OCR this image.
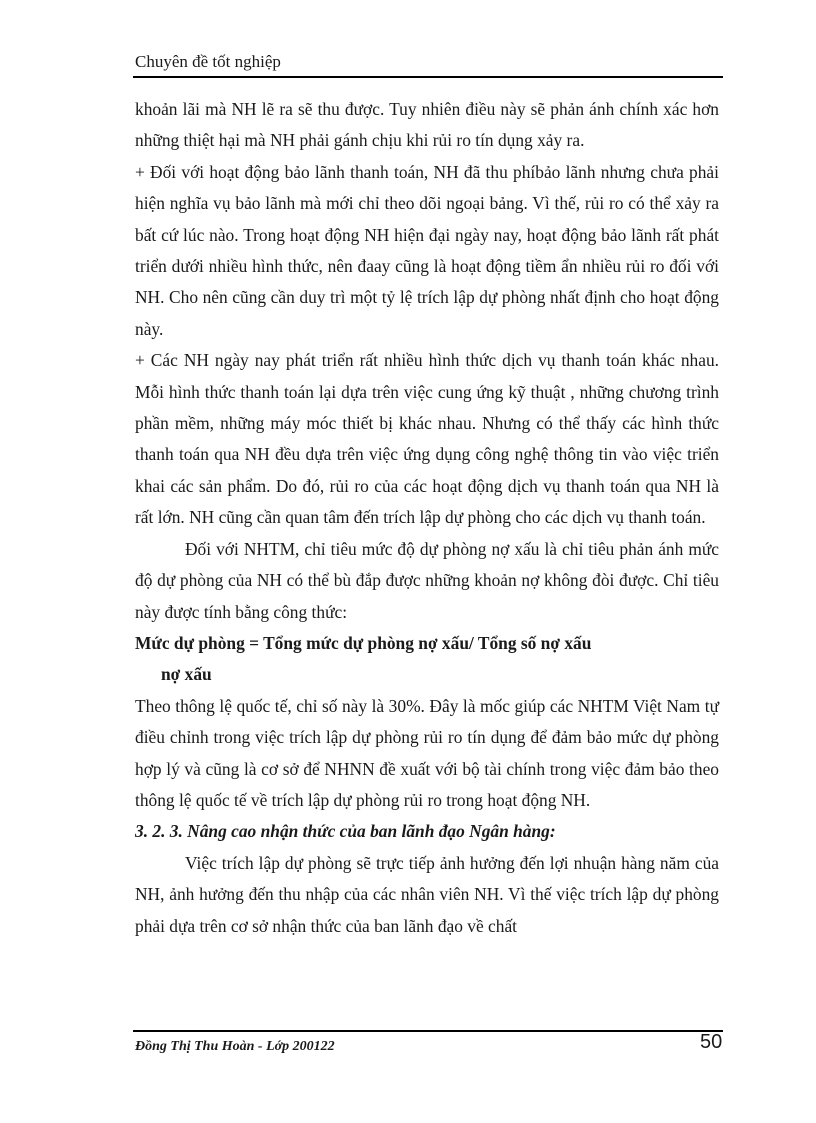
Chuyên đề tốt nghiệp

khoản lãi mà NH lẽ ra sẽ thu được. Tuy nhiên điều này sẽ phản ánh chính xác hơn những thiệt hại mà NH phải gánh chịu khi rủi ro tín dụng xảy ra.

+ Đối với hoạt động bảo lãnh thanh toán, NH đã thu phíbảo lãnh nhưng chưa phải hiện nghĩa vụ bảo lãnh mà mới chỉ theo dõi ngoại bảng. Vì thế, rủi ro có thể xảy ra bất cứ lúc nào. Trong hoạt động NH hiện đại ngày nay, hoạt động bảo lãnh rất phát triển dưới nhiều hình thức, nên đaay cũng là hoạt động tiềm ẩn nhiều rủi ro đối với NH. Cho nên cũng cần duy trì một tỷ lệ trích lập dự phòng nhất định cho hoạt động này.

+ Các NH ngày nay phát triển rất nhiều hình thức dịch vụ thanh toán khác nhau. Mỗi hình thức thanh toán lại dựa trên việc cung ứng kỹ thuật , những chương trình phần mềm, những máy móc thiết bị khác nhau. Nhưng có thể thấy các hình thức thanh toán qua NH đều dựa trên việc ứng dụng công nghệ thông tin vào việc triển khai các sản phẩm. Do đó, rủi ro của các hoạt động dịch vụ thanh toán qua NH là rất lớn. NH cũng cần quan tâm đến trích lập dự phòng cho các dịch vụ thanh toán.

Đối với NHTM, chỉ tiêu mức độ dự phòng nợ xấu là chỉ tiêu phản ánh mức độ dự phòng của NH có thể bù đắp được những khoản nợ không đòi được. Chỉ tiêu này được tính bằng công thức:

Mức dự phòng = Tổng mức dự phòng nợ xấu/ Tổng số nợ xấu

nợ xấu

Theo thông lệ quốc tế, chỉ số này là 30%. Đây là mốc giúp các NHTM Việt Nam tự điều chỉnh trong việc trích lập dự phòng rủi ro tín dụng để đảm bảo mức dự phòng hợp lý và cũng là cơ sở để NHNN đề xuất với bộ tài chính trong việc đảm bảo theo thông lệ quốc tế về trích lập dự phòng rủi ro trong hoạt động NH.

3. 2. 3. Nâng cao nhận thức của ban lãnh đạo Ngân hàng:

Việc trích lập dự phòng sẽ trực tiếp ảnh hưởng đến lợi nhuận hàng năm của NH, ảnh hưởng đến thu nhập của các nhân viên NH. Vì thế việc trích lập dự phòng phải dựa trên cơ sở nhận thức của ban lãnh đạo về chất

Đồng Thị Thu Hoàn - Lớp 200122	50
